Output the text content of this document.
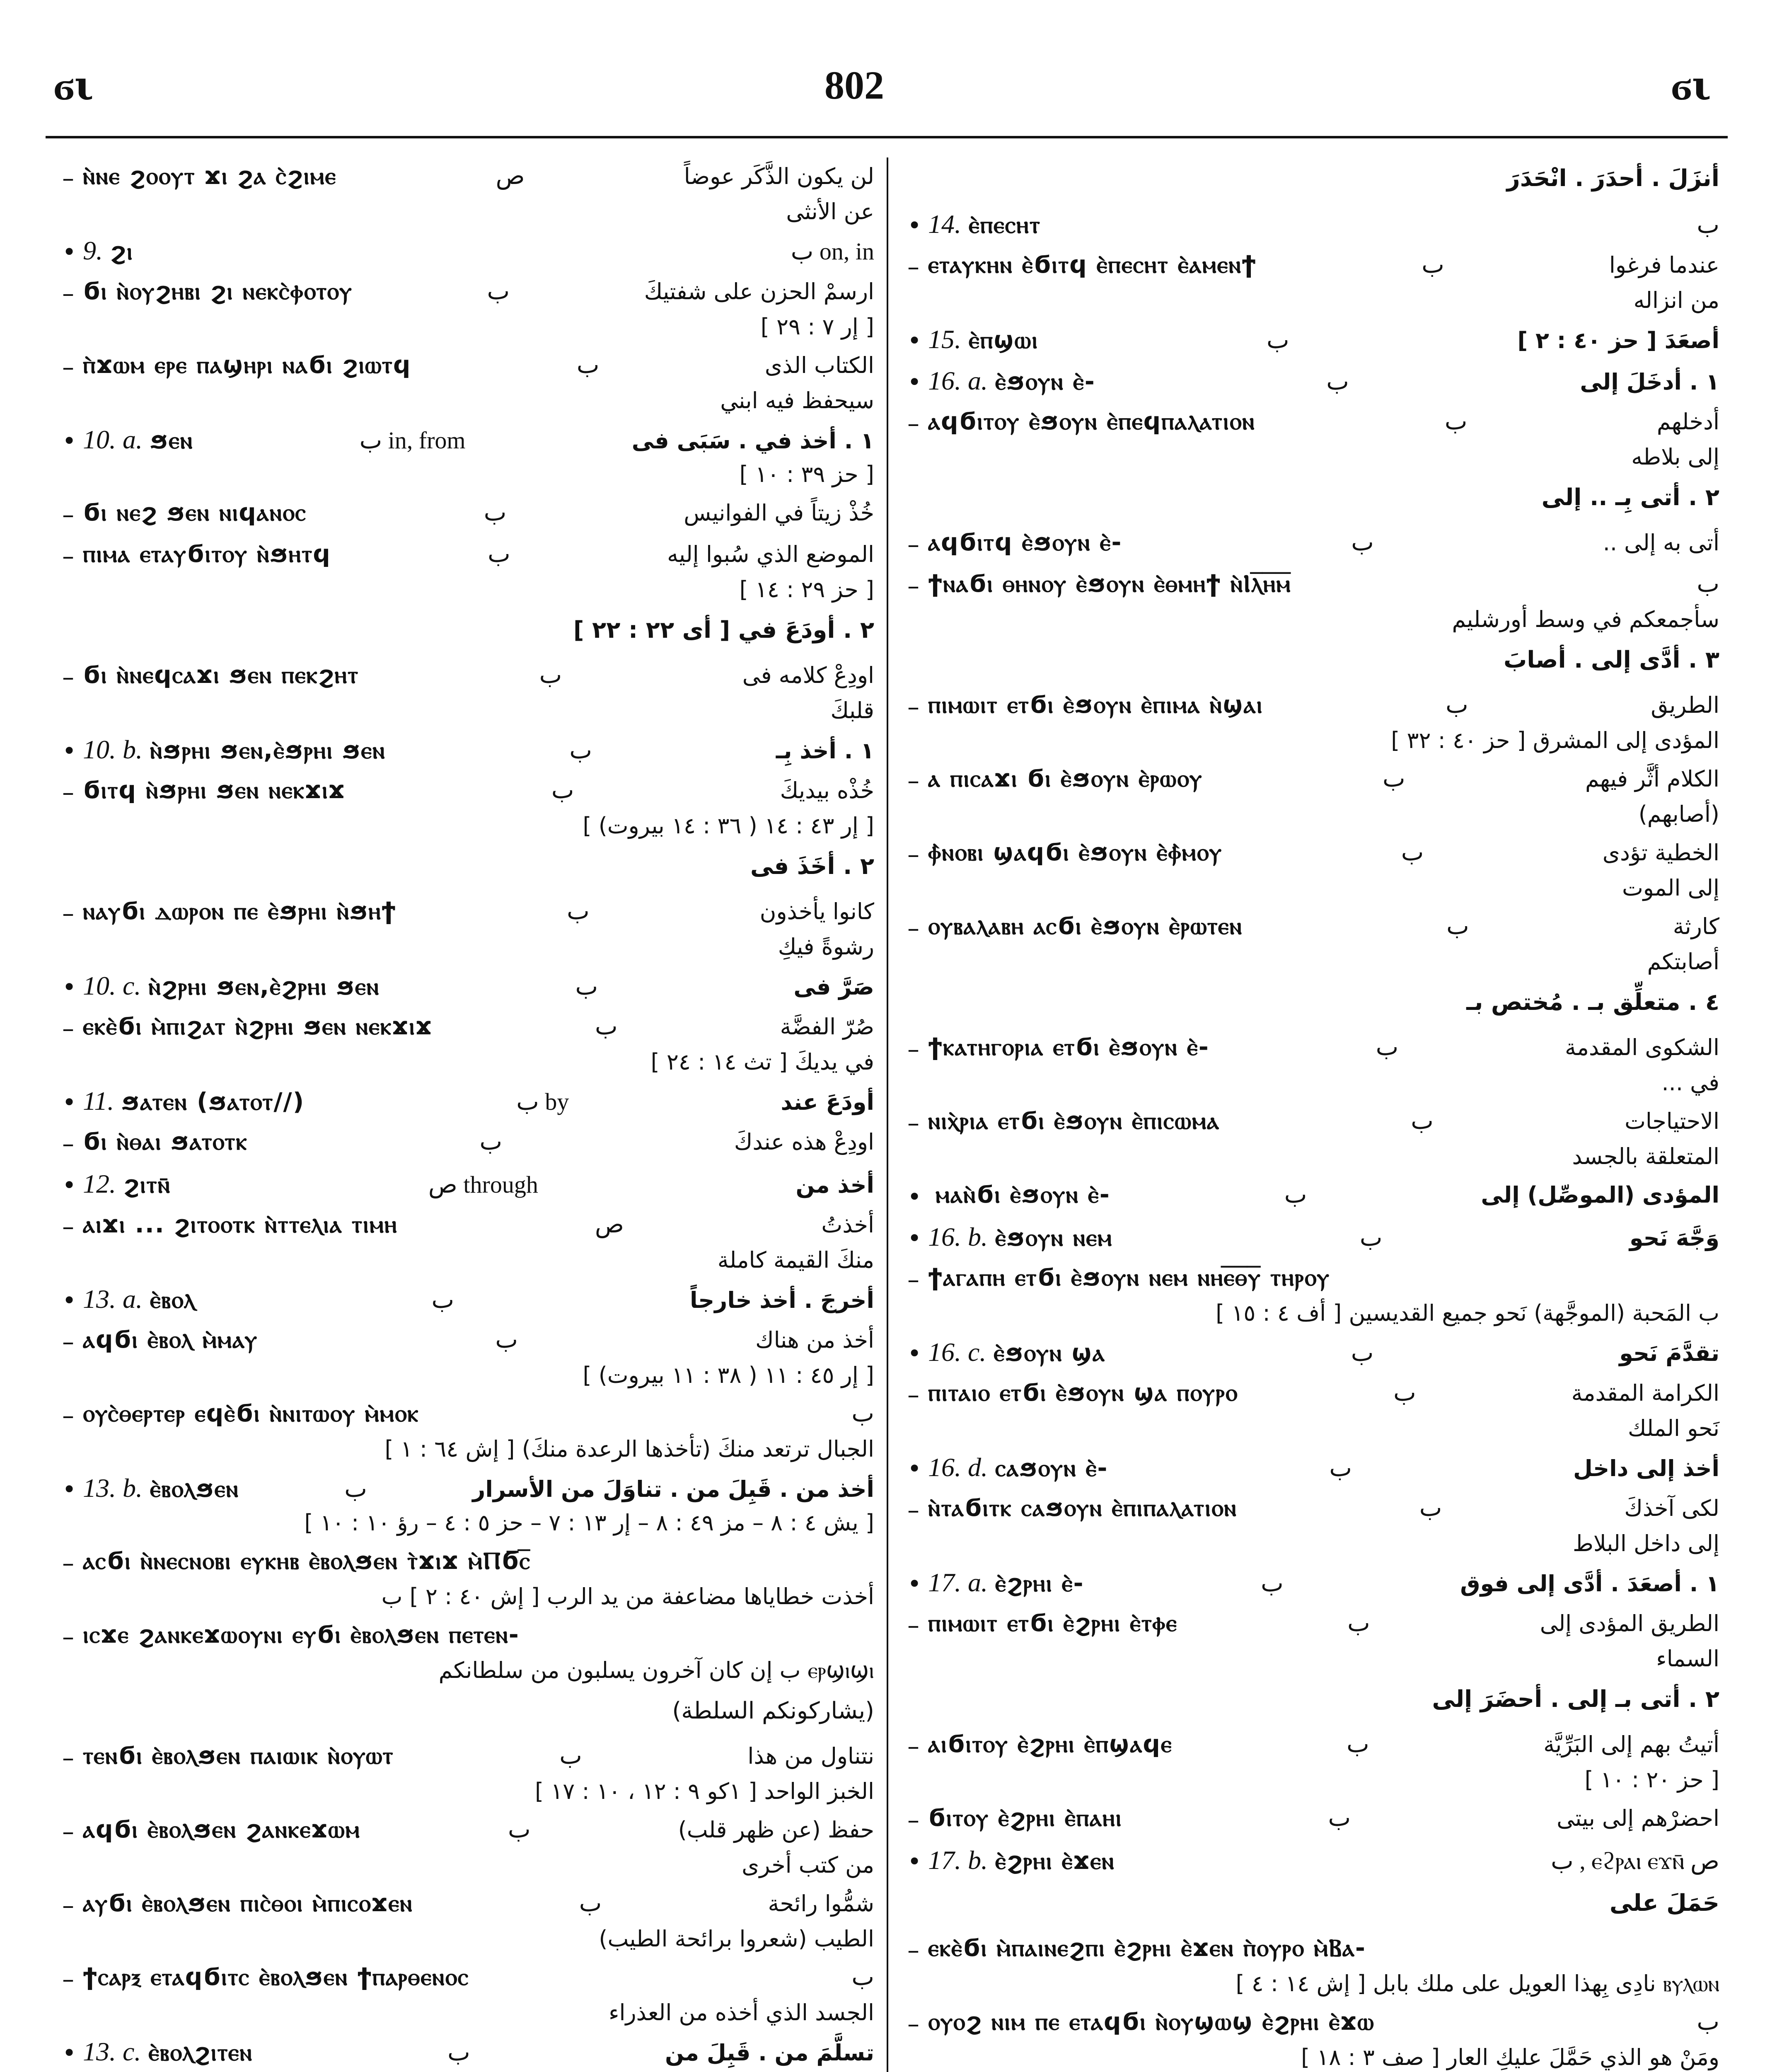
ϭι	802	ϭι
– ⲛ̀ⲛⲉ ϩⲟⲟⲩⲧ ϫⲓ ϩⲁ ⲥ̀ϩⲓⲙⲉ	ص	لن يكون الذَّكَر عوضاً
عن الأنثى
• 9. ϩⲓ	ب on, in
– ϭⲓ ⲛ̀ⲟⲩϩⲏⲃⲓ ϩⲓ ⲛⲉⲕⲥ̀ⲫⲟⲧⲟⲩ	ب	ارسمْ الحزن على شفتيكَ
[ إر ٧ : ٢٩ ]
– ⲡ̀ϫⲱⲙ ⲉⲣⲉ ⲡⲁϣⲏⲣⲓ ⲛⲁϭⲓ ϩⲓⲱⲧϥ	ب	الكتاب الذى
سيحفظ فيه ابني
• 10. a. ϧⲉⲛ	ب in, from	١ . أخذ في . سَبَى فى
[ حز ٣٩ : ١٠ ]
– ϭⲓ ⲛⲉϩ ϧⲉⲛ ⲛⲓϥⲁⲛⲟⲥ	ب	خُذْ زيتاً في الفوانيس
– ⲡⲓⲙⲁ ⲉⲧⲁⲩϭⲓⲧⲟⲩ ⲛ̀ϧⲏⲧϥ	ب	الموضع الذي سُبوا إليه
[ حز ٢٩ : ١٤ ]
٢ . أودَعَ في [ أى ٢٢ : ٢٢ ]
– ϭⲓ ⲛ̀ⲛⲉϥⲥⲁϫⲓ ϧⲉⲛ ⲡⲉⲕϩⲏⲧ	ب	اودِعْ كلامه فى
قلبكَ
• 10. b. ⲛ̀ϧⲣⲏⲓ ϧⲉⲛ,ⲉ̀ϧⲣⲏⲓ ϧⲉⲛ	ب	١ . أخذ بِـ
– ϭⲓⲧϥ ⲛ̀ϧⲣⲏⲓ ϧⲉⲛ ⲛⲉⲕϫⲓϫ	ب	خُذْه بيديكَ
[ إر ٤٣ : ١٤ ( ٣٦ : ١٤ بيروت) ]
٢ . أخَذَ فى
– ⲛⲁⲩϭⲓ ⲇⲱⲣⲟⲛ ⲡⲉ ⲉ̀ϧⲣⲏⲓ ⲛ̀ϧⲏϯ	ب	كانوا يأخذون
رشوةً فيكِ
• 10. c. ⲛ̀ϩⲣⲏⲓ ϧⲉⲛ,ⲉ̀ϩⲣⲏⲓ ϧⲉⲛ	ب	صَرَّ فى
– ⲉⲕⲉ̀ϭⲓ ⲙ̀ⲡⲓϩⲁⲧ ⲛ̀ϩⲣⲏⲓ ϧⲉⲛ ⲛⲉⲕϫⲓϫ	ب	صُرّ الفضَّة
في يديكَ [ تث ١٤ : ٢٤ ]
• 11. ϧⲁⲧⲉⲛ (ϧⲁⲧⲟⲧ//)	ب by	أودَعَ عند
– ϭⲓ ⲛ̀ⲑⲁⲓ ϧⲁⲧⲟⲧⲕ	ب	اودِعْ هذه عندكَ
• 12. ϩⲓⲧⲛ̄	ص through	أخذ من
– ⲁⲓϫⲓ ... ϩⲓⲧⲟⲟⲧⲕ ⲛ̀ⲧⲧⲉⲗⲓⲁ ⲧⲓⲙⲏ	ص	أخذتُ
منكَ القيمة كاملة
• 13. a. ⲉ̀ⲃⲟⲗ	ب	أخرجَ . أخذ خارجاً
– ⲁϥϭⲓ ⲉ̀ⲃⲟⲗ ⲙ̀ⲙⲁⲩ	ب	أخذ من هناك
[ إر ٤٥ : ١١ ( ٣٨ : ١١ بيروت) ]
– ⲟⲩⲥ̀ⲑⲉⲣⲧⲉⲣ ⲉϥⲉ̀ϭⲓ ⲛ̀ⲛⲓⲧⲱⲟⲩ ⲙ̀ⲙⲟⲕ	ب
الجبال ترتعد منكَ (تأخذها الرعدة منكَ) [ إش ٦٤ : ١ ]
• 13. b. ⲉ̀ⲃⲟⲗϧⲉⲛ	ب	أخذ من . قَبِلَ من . تناوَلَ من الأسرار
[ يش ٤ : ٨ – مز ٤٩ : ٨ – إر ١٣ : ٧ – حز ٥ : ٤ – رؤ ١٠ : ١٠ ]
– ⲁⲥϭⲓ ⲛ̀ⲛⲉⲥⲛⲟⲃⲓ ⲉⲩⲕⲏⲃ ⲉ̀ⲃⲟⲗϧⲉⲛ ⲧ̀ϫⲓϫ ⲙ̀Ⲡϭ̅ⲥ̅
أخذت خطاياها مضاعفة من يد الرب [ إش ٤٠ : ٢ ] ب
– ⲓⲥϫⲉ ϩⲁⲛⲕⲉϫⲱⲟⲩⲛⲓ ⲉⲩϭⲓ ⲉ̀ⲃⲟⲗϧⲉⲛ ⲡⲉⲧⲉⲛ-
ⲉⲣϣⲓϣⲓ ب إن كان آخرون يسلبون من سلطانكم
(يشاركونكم السلطة)
– ⲧⲉⲛϭⲓ ⲉ̀ⲃⲟⲗϧⲉⲛ ⲡⲁⲓⲱⲓⲕ ⲛ̀ⲟⲩⲱⲧ	ب	نتناول من هذا
الخبز الواحد [ ١كو ٩ : ١٢ ، ١٠ : ١٧ ]
– ⲁϥϭⲓ ⲉ̀ⲃⲟⲗϧⲉⲛ ϩⲁⲛⲕⲉϫⲱⲙ	ب	حفظ (عن ظهر قلب)
من كتب أخرى
– ⲁⲩϭⲓ ⲉ̀ⲃⲟⲗϧⲉⲛ ⲡⲓⲥ̀ⲑⲟⲓ ⲙ̀ⲡⲓⲥⲟϫⲉⲛ	ب	شمُّوا رائحة
الطيب (شعروا برائحة الطيب)
– ϯⲥⲁⲣⲝ ⲉⲧⲁϥϭⲓⲧⲥ ⲉ̀ⲃⲟⲗϧⲉⲛ ϯⲡⲁⲣⲑⲉⲛⲟⲥ	ب
الجسد الذي أخذه من العذراء
• 13. c. ⲉ̀ⲃⲟⲗϩⲓⲧⲉⲛ	ب	تسلَّمَ من . قَبِلَ من
أنزَلَ . أحدَرَ . انْحَدَرَ
• 14. ⲉ̀ⲡⲉⲥⲏⲧ	ب
– ⲉⲧⲁⲩⲕⲏⲛ ⲉ̀ϭⲓⲧϥ ⲉ̀ⲡⲉⲥⲏⲧ ⲉ̀ⲁⲙⲉⲛϯ	ب	عندما فرغوا
من انزاله
• 15. ⲉ̀ⲡϣⲱⲓ	ب	أصعَدَ [ حز ٤٠ : ٢ ]
• 16. a. ⲉ̀ϧⲟⲩⲛ ⲉ̀-	ب	١ . أدخَلَ إلى
– ⲁϥϭⲓⲧⲟⲩ ⲉ̀ϧⲟⲩⲛ ⲉ̀ⲡⲉϥⲡⲁⲗⲁⲧⲓⲟⲛ	ب	أدخلهم
إلى بلاطه
٢ . أتى بِـ .. إلى
– ⲁϥϭⲓⲧϥ ⲉ̀ϧⲟⲩⲛ ⲉ̀-	ب	أتى به إلى ..
– ϯⲛⲁϭⲓ ⲑⲏⲛⲟⲩ ⲉ̀ϧⲟⲩⲛ ⲉ̀ⲑⲙⲏϯ ⲛ̀Ⲓⲗ̅ⲏ̅ⲙ̅	ب
سأجمعكم في وسط أورشليم
٣ . أدَّى إلى . أصابَ
– ⲡⲓⲙⲱⲓⲧ ⲉⲧϭⲓ ⲉ̀ϧⲟⲩⲛ ⲉ̀ⲡⲓⲙⲁ ⲛ̀ϣⲁⲓ	ب	الطريق
المؤدى إلى المشرق [ حز ٤٠ : ٣٢ ]
– ⲁ ⲡⲓⲥⲁϫⲓ ϭⲓ ⲉ̀ϧⲟⲩⲛ ⲉ̀ⲣⲱⲟⲩ	ب	الكلام أثَّر فيهم
(أصابهم)
– ⲫ̀ⲛⲟⲃⲓ ϣⲁϥϭⲓ ⲉ̀ϧⲟⲩⲛ ⲉ̀ⲫ̀ⲙⲟⲩ	ب	الخطية تؤدى
إلى الموت
– ⲟⲩⲃⲁⲗⲁⲃⲏ ⲁⲥϭⲓ ⲉ̀ϧⲟⲩⲛ ⲉ̀ⲣⲱⲧⲉⲛ	ب	كارثة
أصابتكم
٤ . متعلِّق بـ . مُختص بـ
– ϯⲕⲁⲧⲏⲅⲟⲣⲓⲁ ⲉⲧϭⲓ ⲉ̀ϧⲟⲩⲛ ⲉ̀-	ب	الشكوى المقدمة
في ...
– ⲛⲓⲭ̀ⲣⲓⲁ ⲉⲧϭⲓ ⲉ̀ϧⲟⲩⲛ ⲉ̀ⲡⲓⲥⲱⲙⲁ	ب	الاحتياجات
المتعلقة بالجسد
• ⲙⲁⲛ̀ϭⲓ ⲉ̀ϧⲟⲩⲛ ⲉ̀-	ب	المؤدى (الموصِّل) إلى
• 16. b. ⲉ̀ϧⲟⲩⲛ ⲛⲉⲙ	ب	وَجَّهَ نَحو
– ϯⲁⲅⲁⲡⲏ ⲉⲧϭⲓ ⲉ̀ϧⲟⲩⲛ ⲛⲉⲙ ⲛⲏⲉ̅ⲑ̅ⲩ̅ ⲧⲏⲣⲟⲩ
ب المَحبة (الموجَّهة) نَحو جميع القديسين [ أف ٤ : ١٥ ]
• 16. c. ⲉ̀ϧⲟⲩⲛ ϣⲁ	ب	تقدَّمَ نَحو
– ⲡⲓⲧⲁⲓⲟ ⲉⲧϭⲓ ⲉ̀ϧⲟⲩⲛ ϣⲁ ⲡⲟⲩⲣⲟ	ب	الكرامة المقدمة
نَحو الملك
• 16. d. ⲥⲁϧⲟⲩⲛ ⲉ̀-	ب	أخذ إلى داخل
– ⲛ̀ⲧⲁϭⲓⲧⲕ ⲥⲁϧⲟⲩⲛ ⲉ̀ⲡⲓⲡⲁⲗⲁⲧⲓⲟⲛ	ب	لكى آخذكَ
إلى داخل البلاط
• 17. a. ⲉ̀ϩⲣⲏⲓ ⲉ̀-	ب	١ . أصعَدَ . أدَّى إلى فوق
– ⲡⲓⲙⲱⲓⲧ ⲉⲧϭⲓ ⲉ̀ϩⲣⲏⲓ ⲉ̀ⲧⲫⲉ	ب	الطريق المؤدى إلى
السماء
٢ . أتى بـ إلى . أحضَرَ إلى
– ⲁⲓϭⲓⲧⲟⲩ ⲉ̀ϩⲣⲏⲓ ⲉ̀ⲡϣⲁϥⲉ	ب	أتيتُ بهم إلى البَرِّيَّة
[ حز ٢٠ : ١٠ ]
– ϭⲓⲧⲟⲩ ⲉ̀ϩⲣⲏⲓ ⲉ̀ⲡⲁⲏⲓ	ب	احضرْهم إلى بيتى
• 17. b. ⲉ̀ϩⲣⲏⲓ ⲉ̀ϫⲉⲛ	ب , ⲉϩⲣⲁⲓ ⲉϫⲛ̄ ص
حَمَلَ على
– ⲉⲕⲉ̀ϭⲓ ⲙ̀ⲡⲁⲓⲛⲉϩⲡⲓ ⲉ̀ϩⲣⲏⲓ ⲉ̀ϫⲉⲛ ⲡ̀ⲟⲩⲣⲟ ⲙ̀Ⲃⲁ-
ⲃⲩⲗⲱⲛ نادِى بِهذا العويل على ملك بابل [ إش ١٤ : ٤ ]
– ⲟⲩⲟϩ ⲛⲓⲙ ⲡⲉ ⲉⲧⲁϥϭⲓ ⲛ̀ⲟⲩϣⲱϣ ⲉ̀ϩⲣⲏⲓ ⲉ̀ϫⲱ	ب
ومَنْ هو الذي حَمَّلَ عليكِ العار [ صف ٣ : ١٨ ]
